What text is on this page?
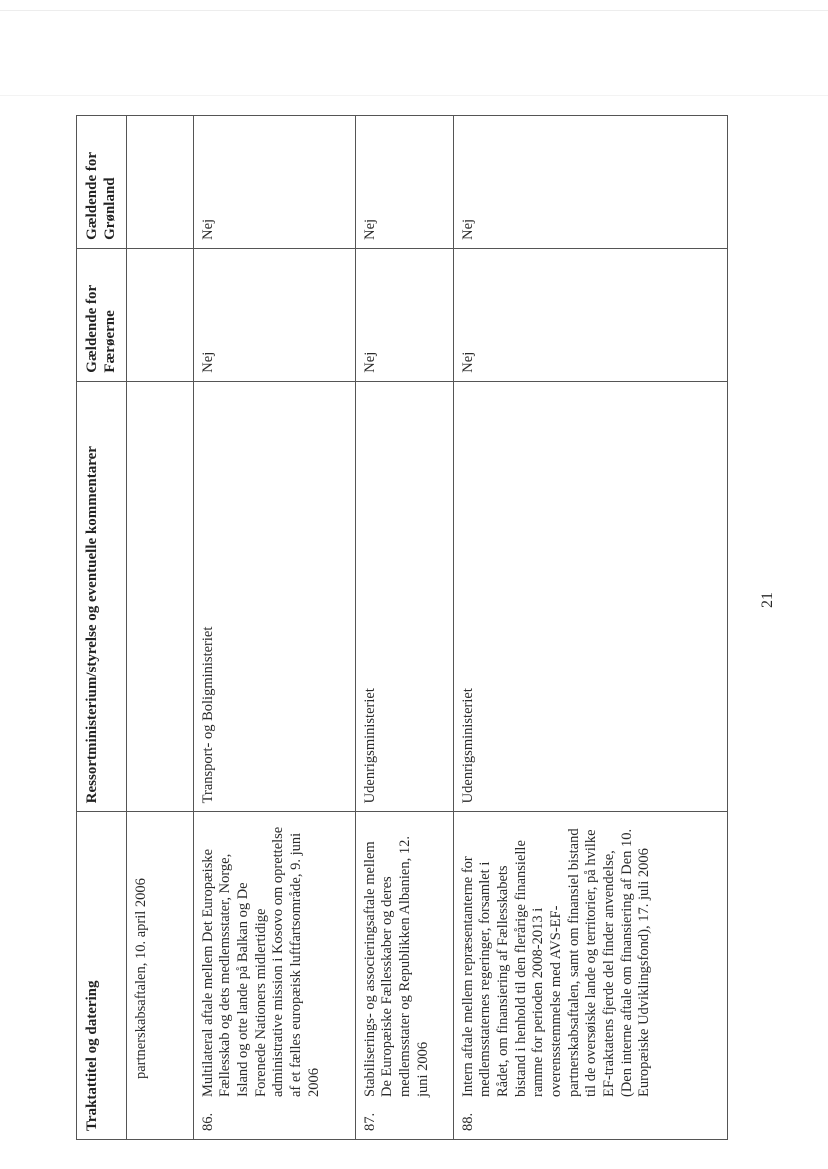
Traktattitel og datering	Ressortministerium/styrelse og eventuelle kommentarer	Gældende for Færøerne	Gældende for Grønland
partnerskabsaftalen, 10. april 2006			
86.Multilateral aftale mellem Det Europæiske Fællesskab og dets medlemsstater, Norge, Island og otte lande på Balkan og De Forenede Nationers midlertidige administrative mission i Kosovo om oprettelse af et fælles europæisk luftfartsområde, 9. juni 2006	Transport- og Boligministeriet	Nej	Nej
87.Stabiliserings- og associeringsaftale mellem De Europæiske Fællesskaber og deres medlemsstater og Republikken Albanien, 12. juni 2006	Udenrigsministeriet	Nej	Nej
88.Intern aftale mellem repræsentanterne for medlemsstaternes regeringer, forsamlet i Rådet, om finansiering af Fællesskabets bistand i henhold til den flerårige finansielle ramme for perioden 2008-2013 i overensstemmelse med AVS-EF-partnerskabsaftalen, samt om finansiel bistand til de oversøiske lande og territorier, på hvilke EF-traktatens fjerde del finder anvendelse, (Den interne aftale om finansiering af Den 10. Europæiske Udviklingsfond), 17. juli 2006	Udenrigsministeriet	Nej	Nej
21
